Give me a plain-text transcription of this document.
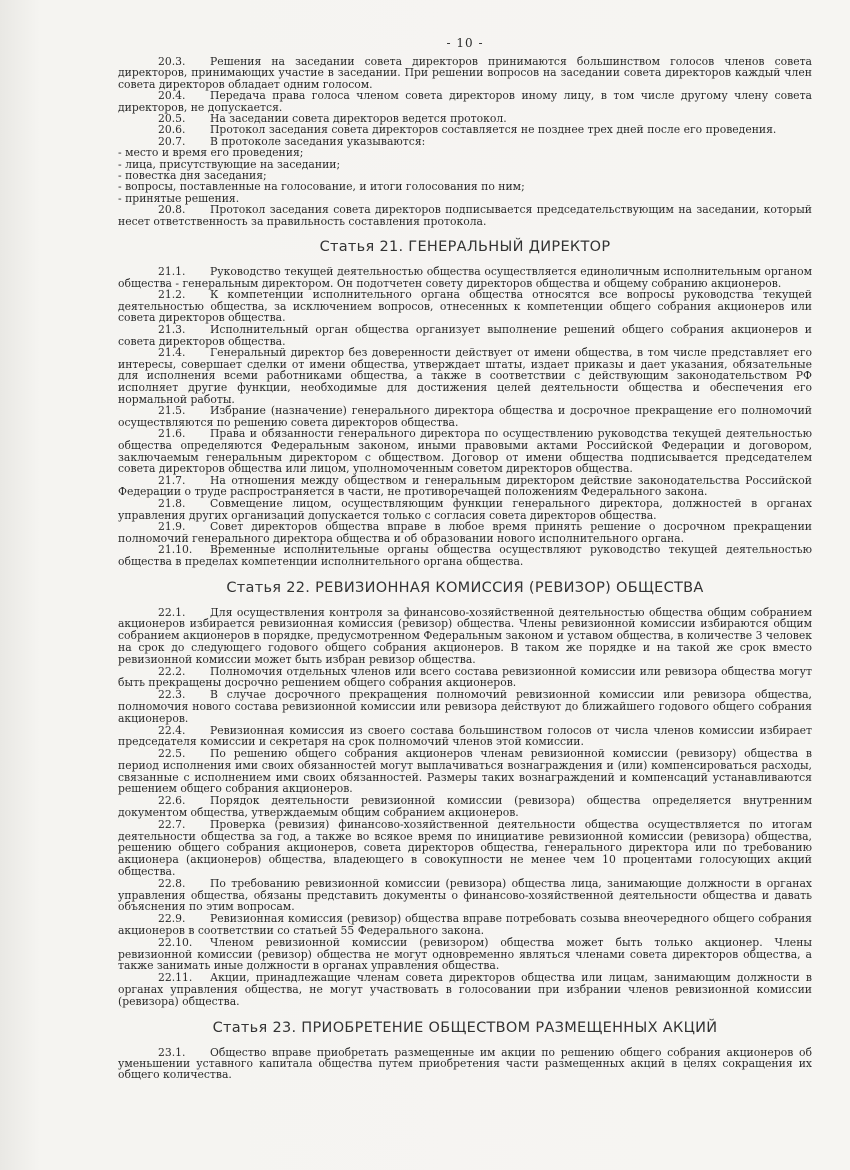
- 10 -

20.3. Решения на заседании совета директоров принимаются большинством голосов членов совета директоров, принимающих участие в заседании. При решении вопросов на заседании совета директоров каждый член совета директоров обладает одним голосом.

20.4. Передача права голоса членом совета директоров иному лицу, в том числе другому члену совета директоров, не допускается.

20.5. На заседании совета директоров ведется протокол.

20.6. Протокол заседания совета директоров составляется не позднее трех дней после его проведения.

20.7. В протоколе заседания указываются:

- место и время его проведения;

- лица, присутствующие на заседании;

- повестка дня заседания;

- вопросы, поставленные на голосование, и итоги голосования по ним;

- принятые решения.

20.8. Протокол заседания совета директоров подписывается председательствующим на заседании, который несет ответственность за правильность составления протокола.

Статья 21. ГЕНЕРАЛЬНЫЙ ДИРЕКТОР

21.1. Руководство текущей деятельностью общества осуществляется единоличным исполнительным органом общества - генеральным директором. Он подотчетен совету директоров общества и общему собранию акционеров.

21.2. К компетенции исполнительного органа общества относятся все вопросы руководства текущей деятельностью общества, за исключением вопросов, отнесенных к компетенции общего собрания акционеров или совета директоров общества.

21.3. Исполнительный орган общества организует выполнение решений общего собрания акционеров и совета директоров общества.

21.4. Генеральный директор без доверенности действует от имени общества, в том числе представляет его интересы, совершает сделки от имени общества, утверждает штаты, издает приказы и дает указания, обязательные для исполнения всеми работниками общества, а также в соответствии с действующим законодательством РФ исполняет другие функции, необходимые для достижения целей деятельности общества и обеспечения его нормальной работы.

21.5. Избрание (назначение) генерального директора общества и досрочное прекращение его полномочий осуществляются по решению совета директоров общества.

21.6. Права и обязанности генерального директора по осуществлению руководства текущей деятельностью общества определяются Федеральным законом, иными правовыми актами Российской Федерации и договором, заключаемым генеральным директором с обществом. Договор от имени общества подписывается председателем совета директоров общества или лицом, уполномоченным советом директоров общества.

21.7. На отношения между обществом и генеральным директором действие законодательства Российской Федерации о труде распространяется в части, не противоречащей положениям Федерального закона.

21.8. Совмещение лицом, осуществляющим функции генерального директора, должностей в органах управления других организаций допускается только с согласия совета директоров общества.

21.9. Совет директоров общества вправе в любое время принять решение о досрочном прекращении полномочий генерального директора общества и об образовании нового исполнительного органа.

21.10. Временные исполнительные органы общества осуществляют руководство текущей деятельностью общества в пределах компетенции исполнительного органа общества.

Статья 22. РЕВИЗИОННАЯ КОМИССИЯ (РЕВИЗОР) ОБЩЕСТВА

22.1. Для осуществления контроля за финансово-хозяйственной деятельностью общества общим собранием акционеров избирается ревизионная комиссия (ревизор) общества. Члены ревизионной комиссии избираются общим собранием акционеров в порядке, предусмотренном Федеральным законом и уставом общества, в количестве 3 человек на срок до следующего годового общего собрания акционеров. В таком же порядке и на такой же срок вместо ревизионной комиссии может быть избран ревизор общества.

22.2. Полномочия отдельных членов или всего состава ревизионной комиссии или ревизора общества могут быть прекращены досрочно решением общего собрания акционеров.

22.3. В случае досрочного прекращения полномочий ревизионной комиссии или ревизора общества, полномочия нового состава ревизионной комиссии или ревизора действуют до ближайшего годового общего собрания акционеров.

22.4. Ревизионная комиссия из своего состава большинством голосов от числа членов комиссии избирает председателя комиссии и секретаря на срок полномочий членов этой комиссии.

22.5. По решению общего собрания акционеров членам ревизионной комиссии (ревизору) общества в период исполнения ими своих обязанностей могут выплачиваться вознаграждения и (или) компенсироваться расходы, связанные с исполнением ими своих обязанностей. Размеры таких вознаграждений и компенсаций устанавливаются решением общего собрания акционеров.

22.6. Порядок деятельности ревизионной комиссии (ревизора) общества определяется внутренним документом общества, утверждаемым общим собранием акционеров.

22.7. Проверка (ревизия) финансово-хозяйственной деятельности общества осуществляется по итогам деятельности общества за год, а также во всякое время по инициативе ревизионной комиссии (ревизора) общества, решению общего собрания акционеров, совета директоров общества, генерального директора или по требованию акционера (акционеров) общества, владеющего в совокупности не менее чем 10 процентами голосующих акций общества.

22.8. По требованию ревизионной комиссии (ревизора) общества лица, занимающие должности в органах управления общества, обязаны представить документы о финансово-хозяйственной деятельности общества и давать объяснения по этим вопросам.

22.9. Ревизионная комиссия (ревизор) общества вправе потребовать созыва внеочередного общего собрания акционеров в соответствии со статьей 55 Федерального закона.

22.10. Членом ревизионной комиссии (ревизором) общества может быть только акционер. Члены ревизионной комиссии (ревизор) общества не могут одновременно являться членами совета директоров общества, а также занимать иные должности в органах управления общества.

22.11. Акции, принадлежащие членам совета директоров общества или лицам, занимающим должности в органах управления общества, не могут участвовать в голосовании при избрании членов ревизионной комиссии (ревизора) общества.

Статья 23. ПРИОБРЕТЕНИЕ ОБЩЕСТВОМ РАЗМЕЩЕННЫХ АКЦИЙ

23.1. Общество вправе приобретать размещенные им акции по решению общего собрания акционеров об уменьшении уставного капитала общества путем приобретения части размещенных акций в целях сокращения их общего количества.
